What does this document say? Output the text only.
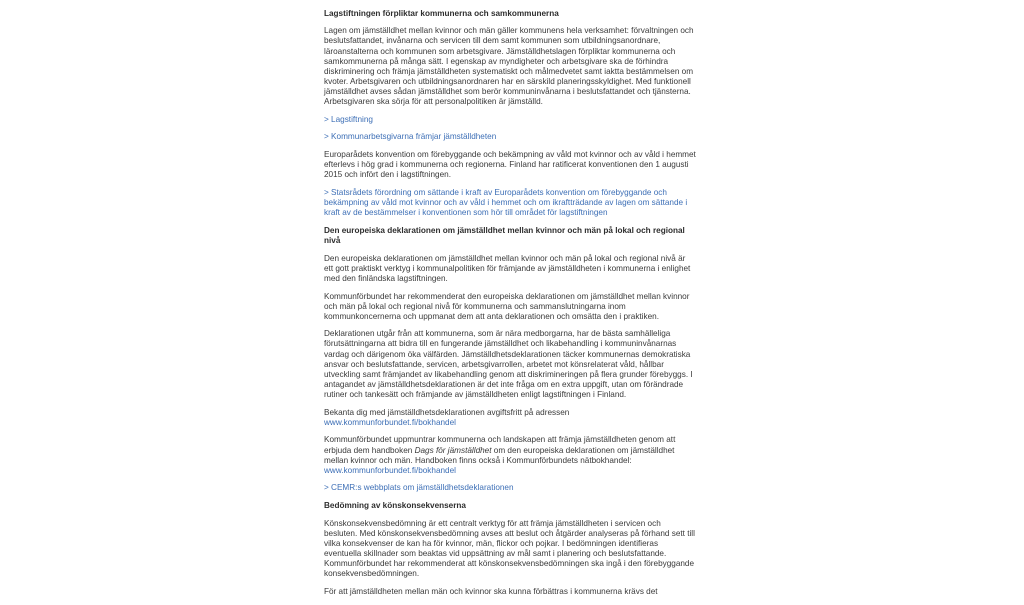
Lagstiftningen förpliktar kommunerna och samkommunerna

Lagen om jämställdhet mellan kvinnor och män gäller kommunens hela verksamhet: förvaltningen och beslutsfattandet, invånarna och servicen till dem samt kommunen som utbildningsanordnare, läroanstalterna och kommunen som arbetsgivare. Jämställdhetslagen förpliktar kommunerna och samkommunerna på många sätt. I egenskap av myndigheter och arbetsgivare ska de förhindra diskriminering och främja jämställdheten systematiskt och målmedvetet samt iaktta bestämmelsen om kvoter. Arbetsgivaren och utbildningsanordnaren har en särskild planeringsskyldighet. Med funktionell jämställdhet avses sådan jämställdhet som berör kommuninvånarna i beslutsfattandet och tjänsterna. Arbetsgivaren ska sörja för att personalpolitiken är jämställd.

> Lagstiftning

> Kommunarbetsgivarna främjar jämställdheten

Europarådets konvention om förebyggande och bekämpning av våld mot kvinnor och av våld i hemmet efterlevs i hög grad i kommunerna och regionerna. Finland har ratificerat konventionen den 1 augusti 2015 och infört den i lagstiftningen.

> Statsrådets förordning om sättande i kraft av Europarådets konvention om förebyggande och bekämpning av våld mot kvinnor och av våld i hemmet och om ikraftträdande av lagen om sättande i kraft av de bestämmelser i konventionen som hör till området för lagstiftningen

Den europeiska deklarationen om jämställdhet mellan kvinnor och män på lokal och regional nivå

Den europeiska deklarationen om jämställdhet mellan kvinnor och män på lokal och regional nivå är ett gott praktiskt verktyg i kommunalpolitiken för främjande av jämställdheten i kommunerna i enlighet med den finländska lagstiftningen.

Kommunförbundet har rekommenderat den europeiska deklarationen om jämställdhet mellan kvinnor och män på lokal och regional nivå för kommunerna och sammanslutningarna inom kommunkoncernerna och uppmanat dem att anta deklarationen och omsätta den i praktiken.

Deklarationen utgår från att kommunerna, som är nära medborgarna, har de bästa samhälleliga förutsättningarna att bidra till en fungerande jämställdhet och likabehandling i kommuninvånarnas vardag och därigenom öka välfärden. Jämställdhetsdeklarationen täcker kommunernas demokratiska ansvar och beslutsfattande, servicen, arbetsgivarrollen, arbetet mot könsrelaterat våld, hållbar utveckling samt främjandet av likabehandling genom att diskrimineringen på flera grunder förebyggs. I antagandet av jämställdhetsdeklarationen är det inte fråga om en extra uppgift, utan om förändrade rutiner och tankesätt och främjande av jämställdheten enligt lagstiftningen i Finland.

Bekanta dig med jämställdhetsdeklarationen avgiftsfritt på adressen www.kommunforbundet.fi/bokhandel

Kommunförbundet uppmuntrar kommunerna och landskapen att främja jämställdheten genom att erbjuda dem handboken Dags för jämställdhet om den europeiska deklarationen om jämställdhet mellan kvinnor och män. Handboken finns också i Kommunförbundets nätbokhandel: www.kommunforbundet.fi/bokhandel

> CEMR:s webbplats om jämställdhetsdeklarationen

Bedömning av könskonsekvenserna

Könskonsekvensbedömning är ett centralt verktyg för att främja jämställdheten i servicen och besluten. Med könskonsekvensbedömning avses att beslut och åtgärder analyseras på förhand sett till vilka konsekvenser de kan ha för kvinnor, män, flickor och pojkar. I bedömningen identifieras eventuella skillnader som beaktas vid uppsättning av mål samt i planering och beslutsfattande. Kommunförbundet har rekommenderat att könskonsekvensbedömningen ska ingå i den förebyggande konsekvensbedömningen.

För att jämställdheten mellan män och kvinnor ska kunna förbättras i kommunerna krävs det
